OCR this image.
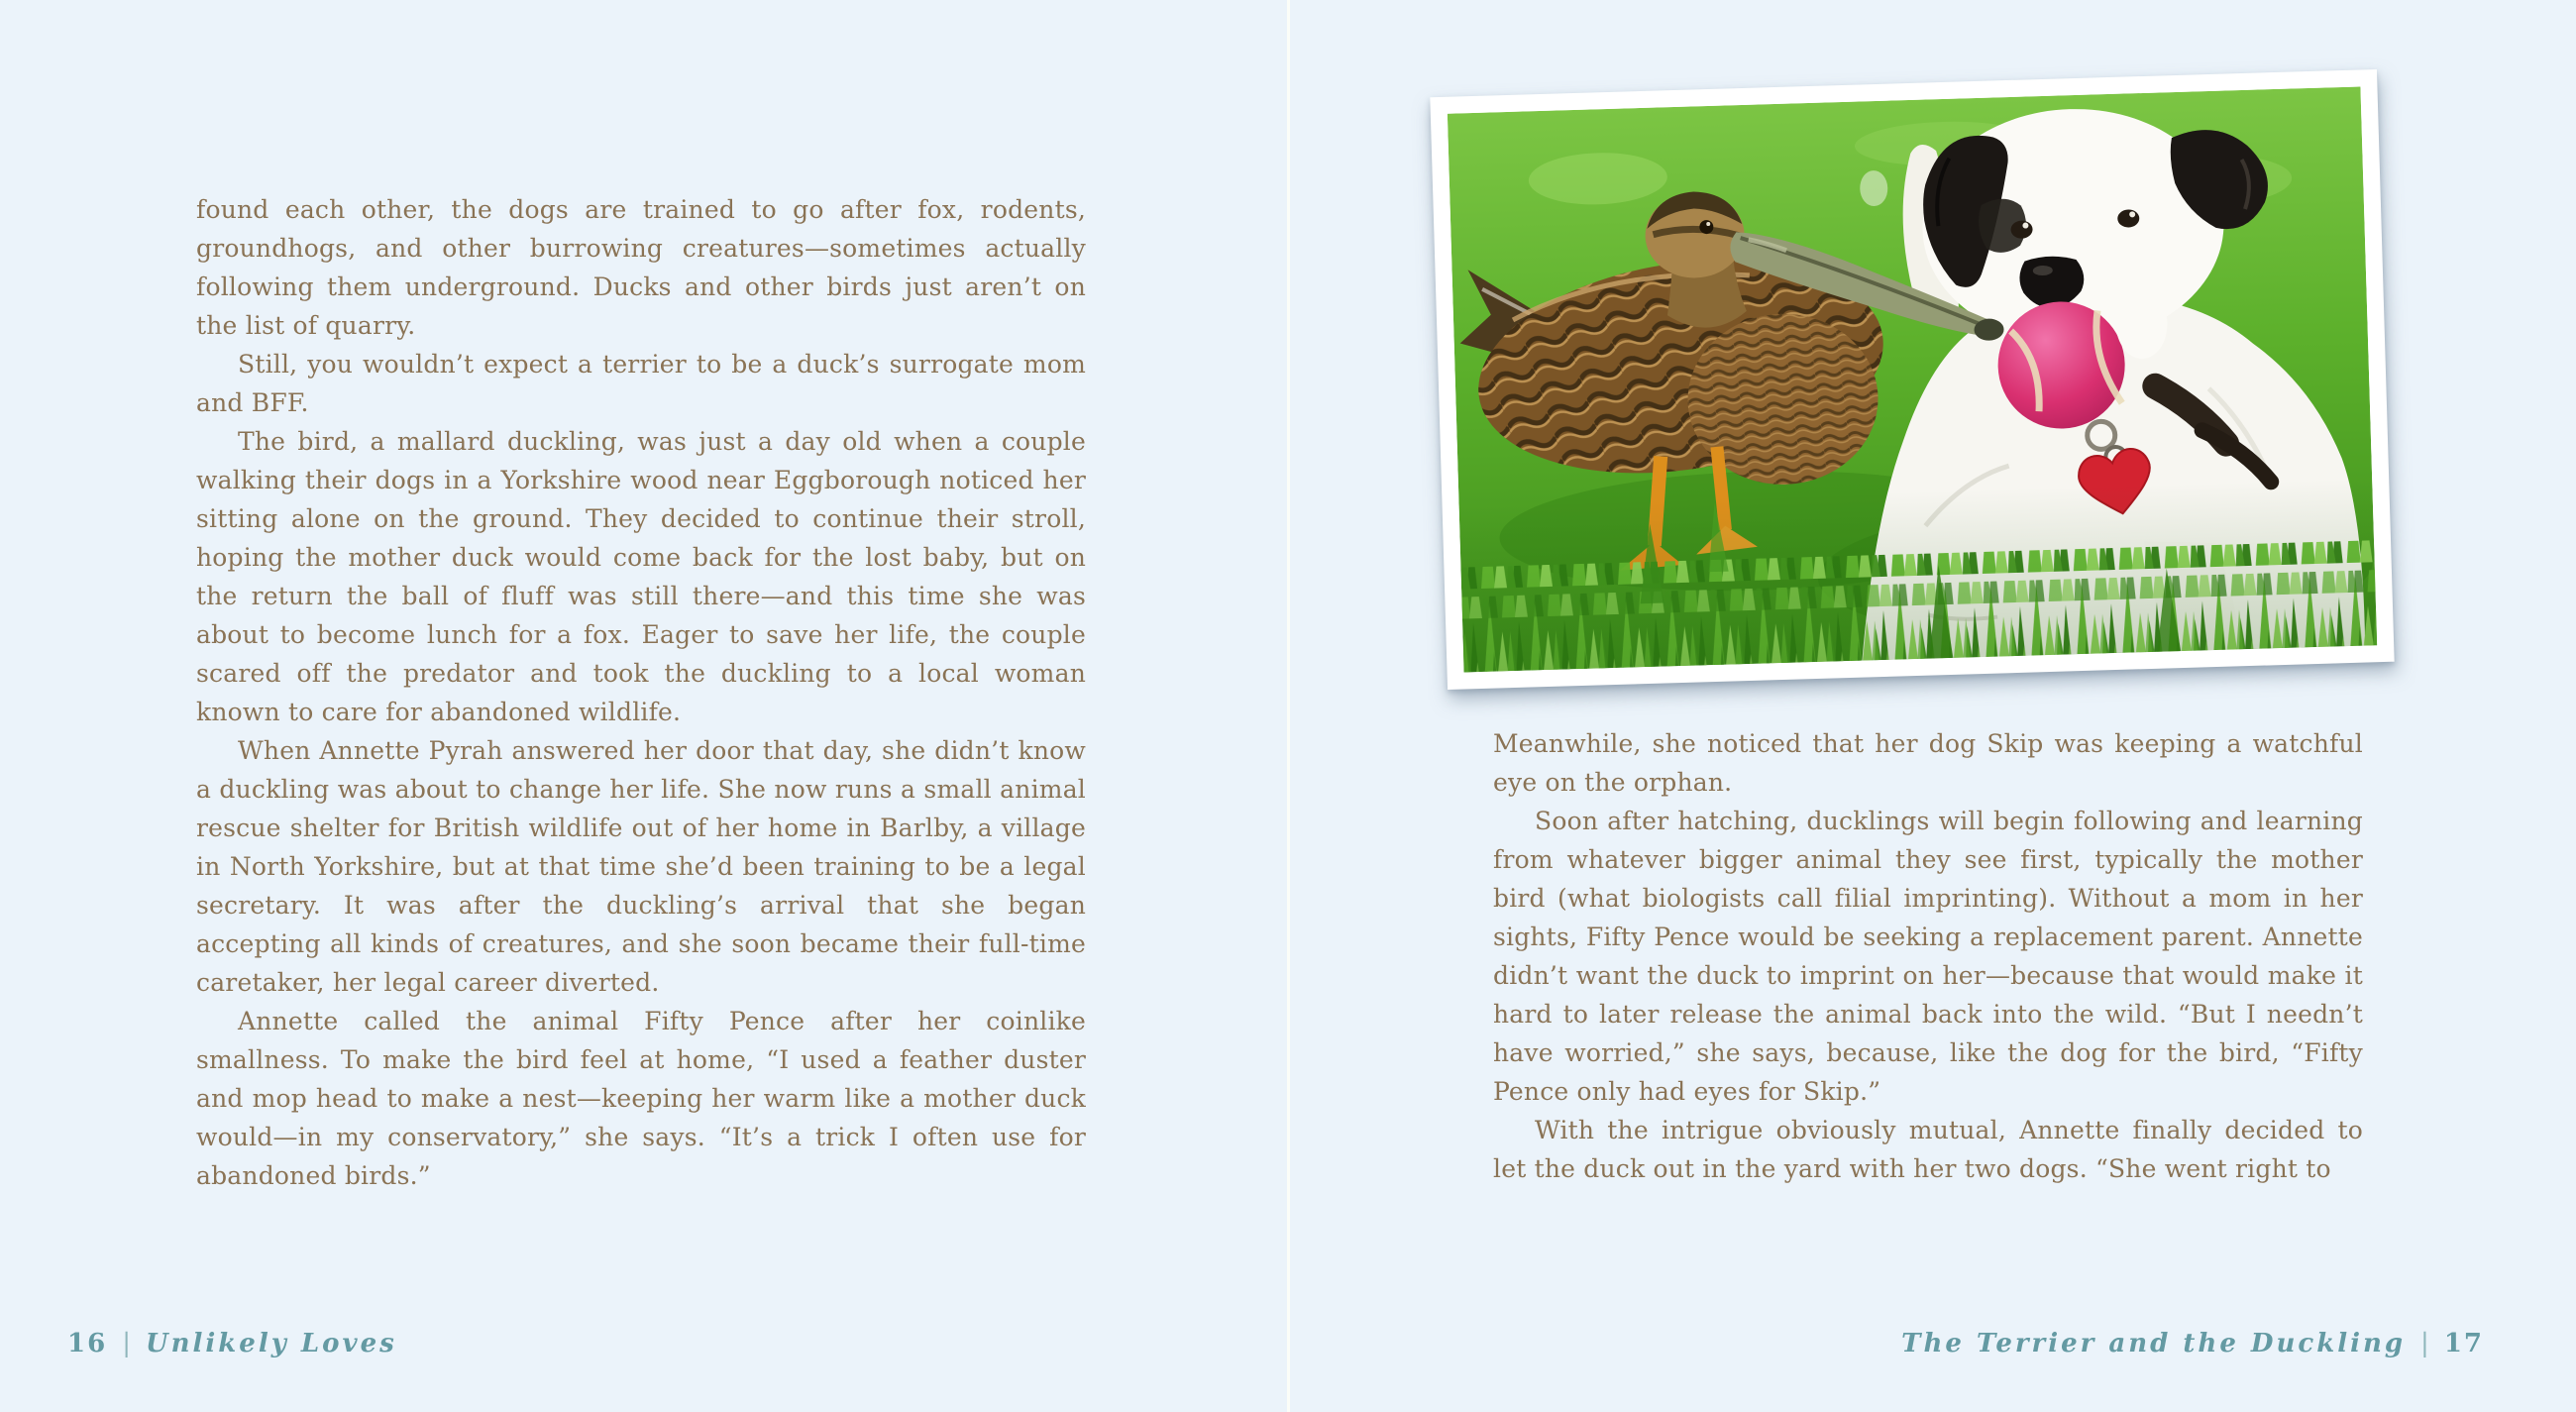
found each other, the dogs are trained to go after fox, rodents, groundhogs, and other burrowing creatures—sometimes actually following them underground. Ducks and other birds just aren’t on the list of quarry.

Still, you wouldn’t expect a terrier to be a duck’s surrogate mom and BFF.

The bird, a mallard duckling, was just a day old when a couple walking their dogs in a Yorkshire wood near Eggborough noticed her sitting alone on the ground. They decided to continue their stroll, hoping the mother duck would come back for the lost baby, but on the return the ball of fluff was still there—and this time she was about to become lunch for a fox. Eager to save her life, the couple scared off the predator and took the duckling to a local woman known to care for abandoned wildlife.

When Annette Pyrah answered her door that day, she didn’t know a duckling was about to change her life. She now runs a small animal rescue shelter for British wildlife out of her home in Barlby, a village in North Yorkshire, but at that time she’d been training to be a legal secretary. It was after the duckling’s arrival that she began accepting all kinds of creatures, and she soon became their full-time caretaker, her legal career diverted.

Annette called the animal Fifty Pence after her coinlike smallness. To make the bird feel at home, “I used a feather duster and mop head to make a nest—keeping her warm like a mother duck would—in my conservatory,” she says. “It’s a trick I often use for abandoned birds.”

16 | Unlikely Loves

Meanwhile, she noticed that her dog Skip was keeping a watchful eye on the orphan.

Soon after hatching, ducklings will begin following and learning from whatever bigger animal they see first, typically the mother bird (what biologists call filial imprinting). Without a mom in her sights, Fifty Pence would be seeking a replacement parent. Annette didn’t want the duck to imprint on her—because that would make it hard to later release the animal back into the wild. “But I needn’t have worried,” she says, because, like the dog for the bird, “Fifty Pence only had eyes for Skip.”

With the intrigue obviously mutual, Annette finally decided to let the duck out in the yard with her two dogs. “She went right to

The Terrier and the Duckling | 17
